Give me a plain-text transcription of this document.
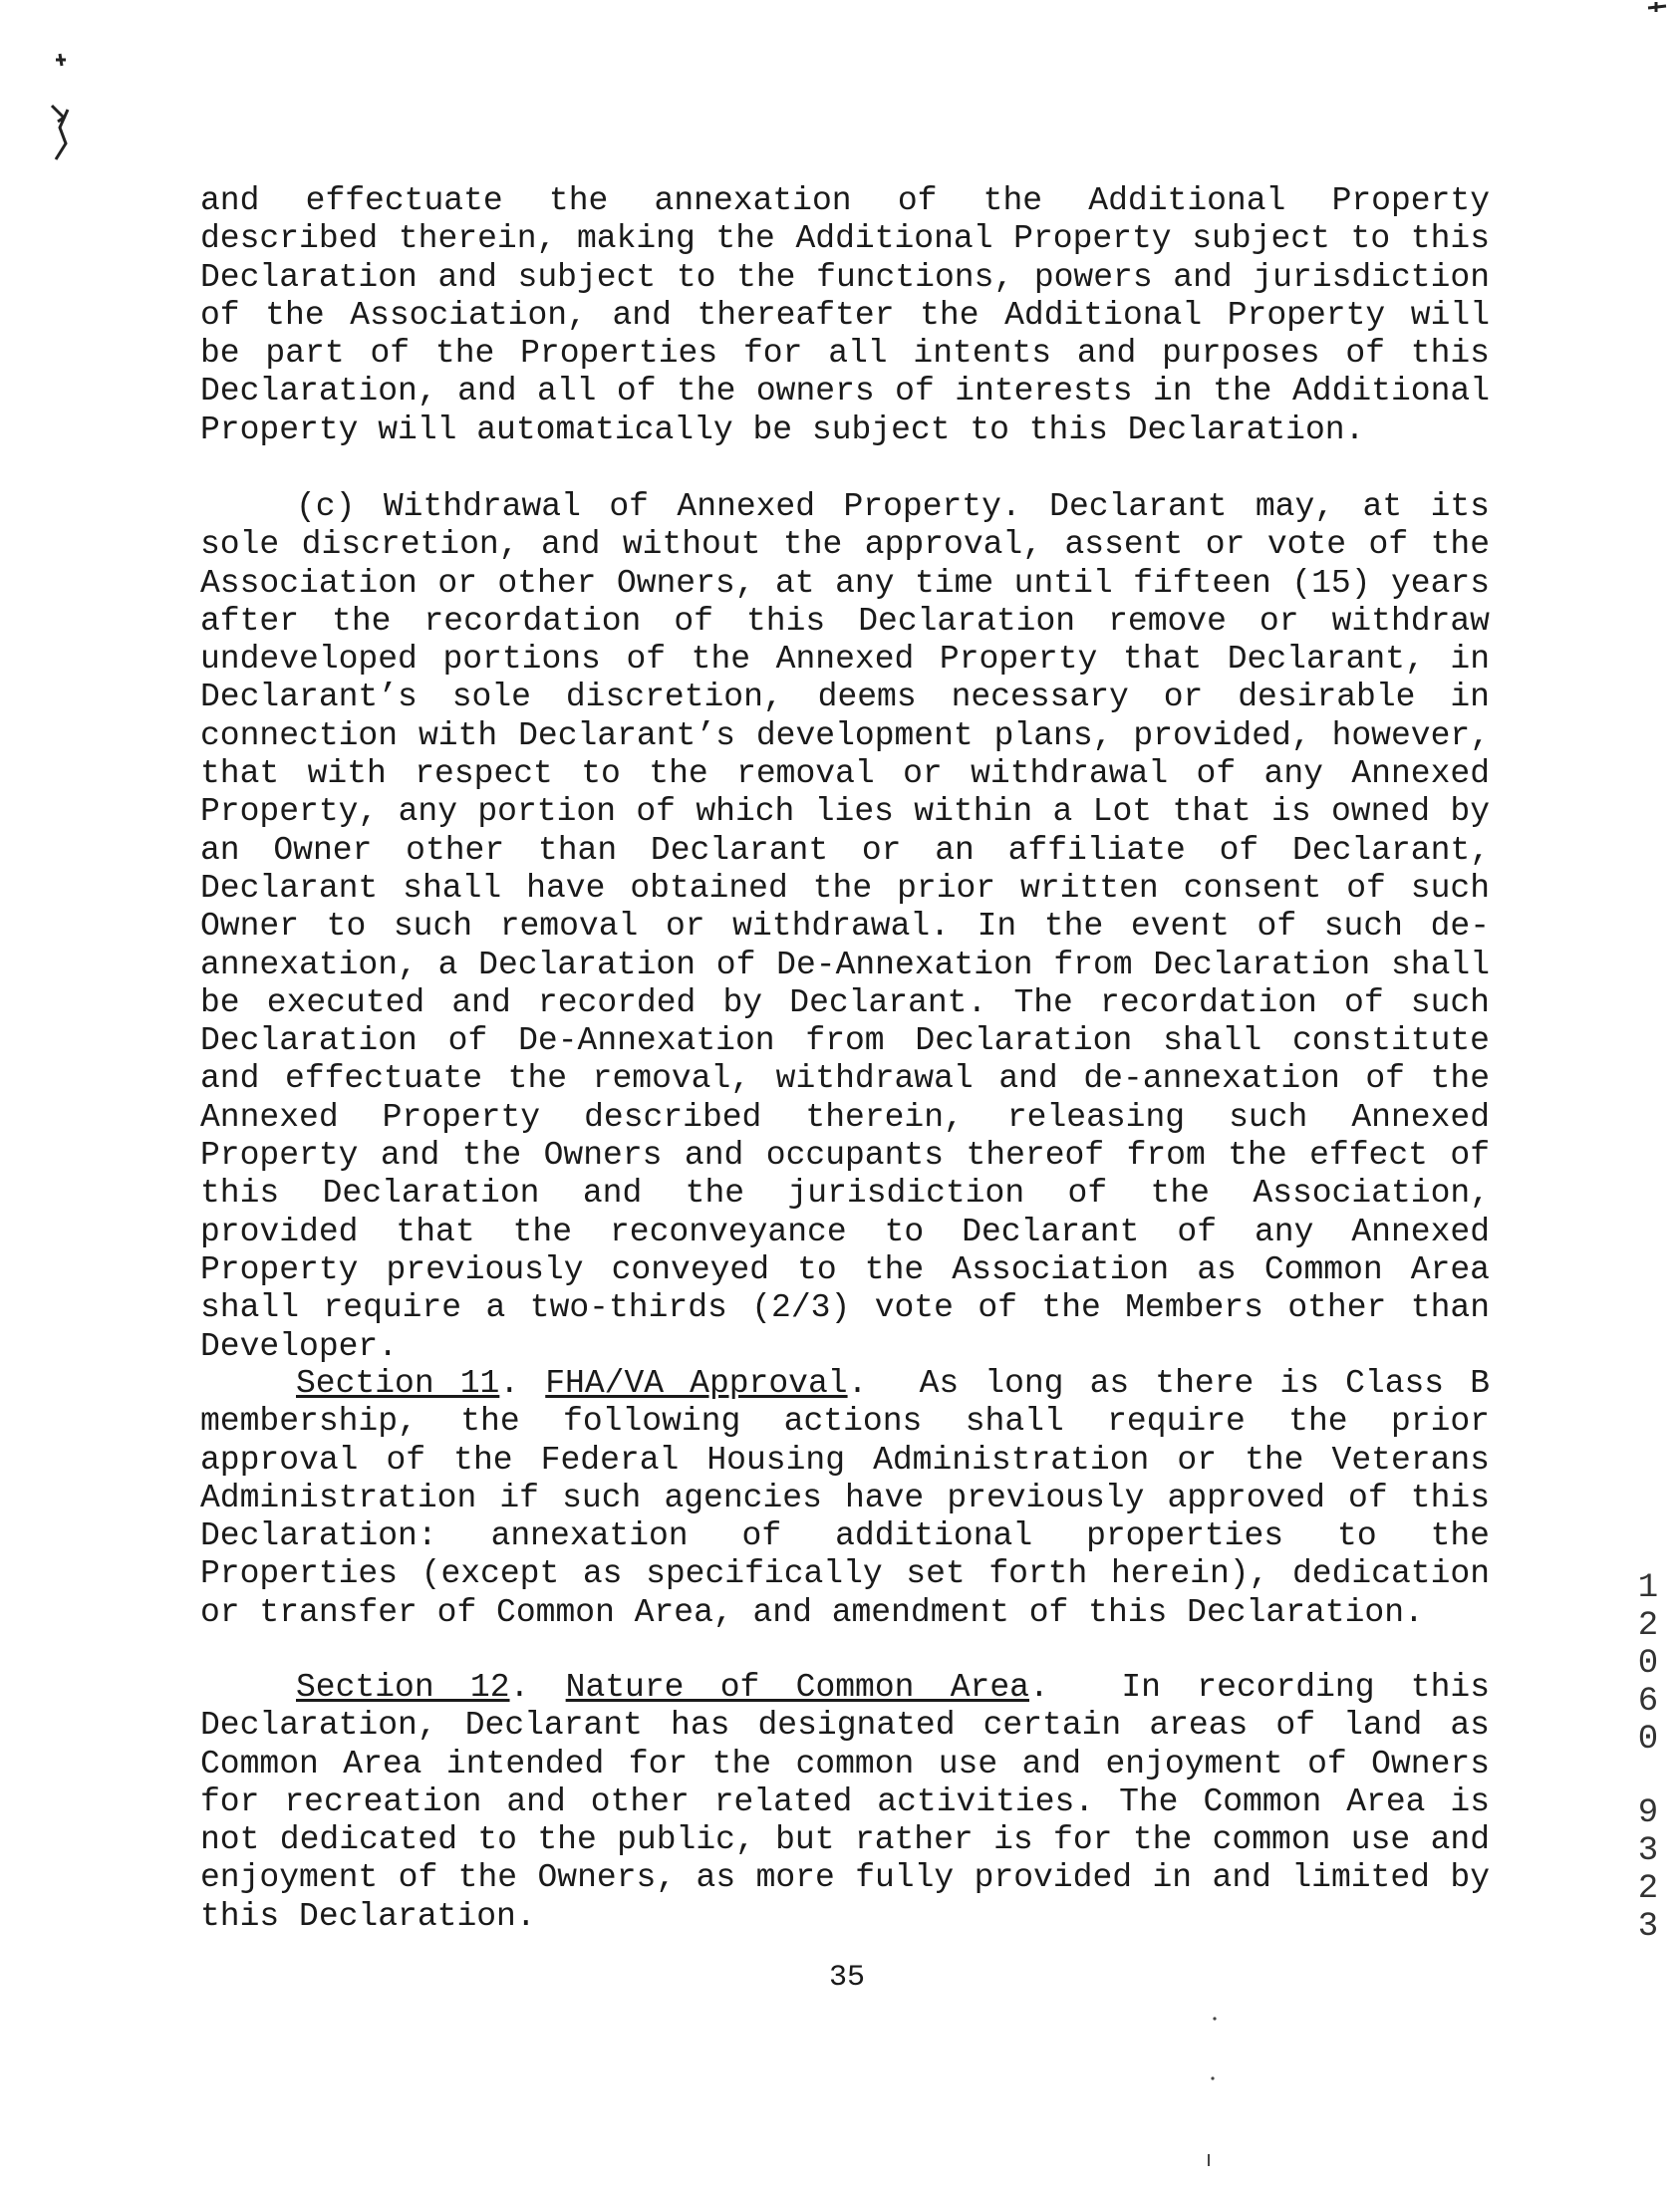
and effectuate the annexation of the Additional Property described therein, making the Additional Property subject to this Declaration and subject to the functions, powers and jurisdiction of the Association, and thereafter the Additional Property will be part of the Properties for all intents and purposes of this Declaration, and all of the owners of interests in the Additional Property will automatically be subject to this Declaration.

(c) Withdrawal of Annexed Property. Declarant may, at its sole discretion, and without the approval, assent or vote of the Association or other Owners, at any time until fifteen (15) years after the recordation of this Declaration remove or withdraw undeveloped portions of the Annexed Property that Declarant, in Declarant’s sole discretion, deems necessary or desirable in connection with Declarant’s development plans, provided, however, that with respect to the removal or withdrawal of any Annexed Property, any portion of which lies within a Lot that is owned by an Owner other than Declarant or an affiliate of Declarant, Declarant shall have obtained the prior written consent of such Owner to such removal or withdrawal. In the event of such de-annexation, a Declaration of De-Annexation from Declaration shall be executed and recorded by Declarant. The recordation of such Declaration of De-Annexation from Declaration shall constitute and effectuate the removal, withdrawal and de-annexation of the Annexed Property described therein, releasing such Annexed Property and the Owners and occupants thereof from the effect of this Declaration and the jurisdiction of the Association, provided that the reconveyance to Declarant of any Annexed Property previously conveyed to the Association as Common Area shall require a two-thirds (2/3) vote of the Members other than Developer.

Section 11. FHA/VA Approval.  As long as there is Class B membership, the following actions shall require the prior approval of the Federal Housing Administration or the Veterans Administration if such agencies have previously approved of this Declaration: annexation of additional properties to the Properties (except as specifically set forth herein), dedication or transfer of Common Area, and amendment of this Declaration.

Section 12. Nature of Common Area.  In recording this Declaration, Declarant has designated certain areas of land as Common Area intended for the common use and enjoyment of Owners for recreation and other related activities. The Common Area is not dedicated to the public, but rather is for the common use and enjoyment of the Owners, as more fully provided in and limited by this Declaration.

35
1
2
0
6
0
9
3
2
3
